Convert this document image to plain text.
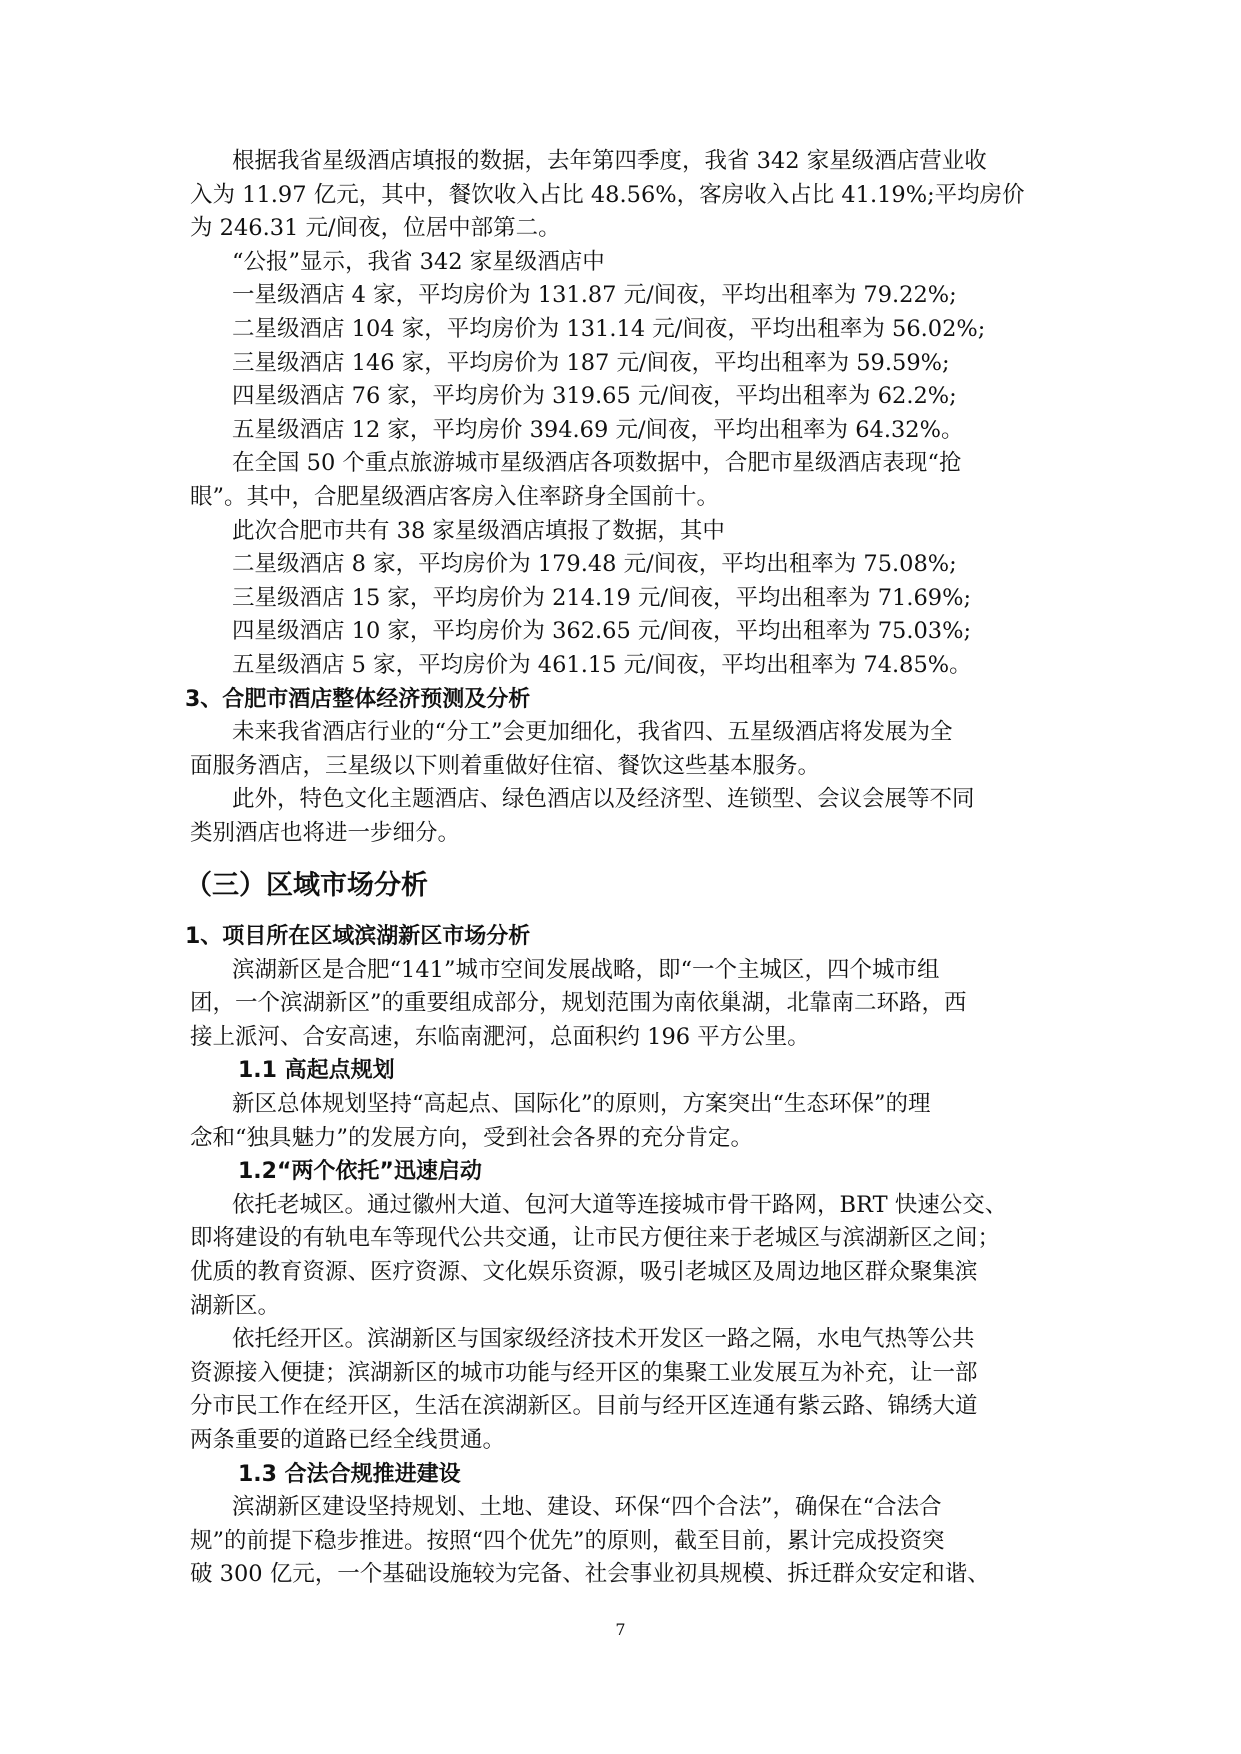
根据我省星级酒店填报的数据，去年第四季度，我省 342 家星级酒店营业收

入为 11.97 亿元，其中，餐饮收入占比 48.56%，客房收入占比 41.19%;平均房价

为 246.31 元/间夜，位居中部第二。

“公报”显示，我省 342 家星级酒店中

一星级酒店 4 家，平均房价为 131.87 元/间夜，平均出租率为 79.22%;

二星级酒店 104 家，平均房价为 131.14 元/间夜，平均出租率为 56.02%;

三星级酒店 146 家，平均房价为 187 元/间夜，平均出租率为 59.59%;

四星级酒店 76 家，平均房价为 319.65 元/间夜，平均出租率为 62.2%;

五星级酒店 12 家，平均房价 394.69 元/间夜，平均出租率为 64.32%。

在全国 50 个重点旅游城市星级酒店各项数据中，合肥市星级酒店表现“抢

眼”。其中，合肥星级酒店客房入住率跻身全国前十。

此次合肥市共有 38 家星级酒店填报了数据，其中

二星级酒店 8 家，平均房价为 179.48 元/间夜，平均出租率为 75.08%;

三星级酒店 15 家，平均房价为 214.19 元/间夜，平均出租率为 71.69%;

四星级酒店 10 家，平均房价为 362.65 元/间夜，平均出租率为 75.03%;

五星级酒店 5 家，平均房价为 461.15 元/间夜，平均出租率为 74.85%。

3、合肥市酒店整体经济预测及分析

未来我省酒店行业的“分工”会更加细化，我省四、五星级酒店将发展为全

面服务酒店，三星级以下则着重做好住宿、餐饮这些基本服务。

此外，特色文化主题酒店、绿色酒店以及经济型、连锁型、会议会展等不同

类别酒店也将进一步细分。

（三）区域市场分析

1、项目所在区域滨湖新区市场分析

滨湖新区是合肥“141”城市空间发展战略，即“一个主城区，四个城市组

团，一个滨湖新区”的重要组成部分，规划范围为南依巢湖，北靠南二环路，西

接上派河、合安高速，东临南淝河，总面积约 196 平方公里。

1.1 高起点规划

新区总体规划坚持“高起点、国际化”的原则，方案突出“生态环保”的理

念和“独具魅力”的发展方向，受到社会各界的充分肯定。

1.2“两个依托”迅速启动

依托老城区。通过徽州大道、包河大道等连接城市骨干路网，BRT 快速公交、

即将建设的有轨电车等现代公共交通，让市民方便往来于老城区与滨湖新区之间；

优质的教育资源、医疗资源、文化娱乐资源，吸引老城区及周边地区群众聚集滨

湖新区。

依托经开区。滨湖新区与国家级经济技术开发区一路之隔，水电气热等公共

资源接入便捷；滨湖新区的城市功能与经开区的集聚工业发展互为补充，让一部

分市民工作在经开区，生活在滨湖新区。目前与经开区连通有紫云路、锦绣大道

两条重要的道路已经全线贯通。

1.3 合法合规推进建设

滨湖新区建设坚持规划、土地、建设、环保“四个合法”，确保在“合法合

规”的前提下稳步推进。按照“四个优先”的原则，截至目前，累计完成投资突

破 300 亿元，一个基础设施较为完备、社会事业初具规模、拆迁群众安定和谐、

7
